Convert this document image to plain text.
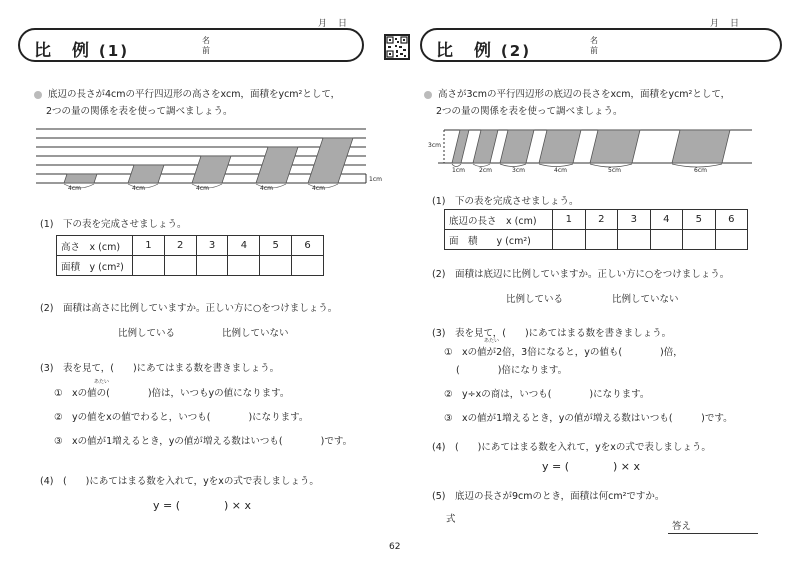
月　日
比　例 (1)
名
前
底辺の長さが4cmの平行四辺形の高さをxcm，面積をycm²として，
2つの量の関係を表を使って調べましょう。
4cm	4cm	4cm	4cm	4cm
1cm
(1)　下の表を完成させましょう。
高さ　x (cm)	1	2	3	4	5	6
面積　y (cm²)						
(2)　面積は高さに比例していますか。正しい方に○をつけましょう。
比例している	比例していない
(3)　表を見て，(　　)にあてはまる数を書きましょう。
あたい
①　xの値の(　　　　)倍は，いつもyの値になります。
②　yの値をxの値でわると，いつも(　　　　)になります。
③　xの値が1増えるとき，yの値が増える数はいつも(　　　　)です。
(4)　(　　)にあてはまる数を入れて，yをxの式で表しましょう。
y = (　　　　) × x
月　日
比　例 (2)
名
前
高さが3cmの平行四辺形の底辺の長さをxcm，面積をycm²として，
2つの量の関係を表を使って調べましょう。
3cm
1cm 2cm	3cm	4cm	5cm	6cm
(1)　下の表を完成させましょう。
底辺の長さ　x (cm)	1	2	3	4	5	6
面　積　　y (cm²)						
(2)　面積は底辺に比例していますか。正しい方に○をつけましょう。
比例している	比例していない
(3)　表を見て，(　　)にあてはまる数を書きましょう。
あたい
①　xの値が2倍，3倍になると，yの値も(　　　　)倍，
(　　　　)倍になります。
②　y÷xの商は，いつも(　　　　)になります。
③　xの値が1増えるとき，yの値が増える数はいつも(　　　)です。
(4)　(　　)にあてはまる数を入れて，yをxの式で表しましょう。
y = (　　　　) × x
(5)　底辺の長さが9cmのとき，面積は何cm²ですか。
式
答え
62
